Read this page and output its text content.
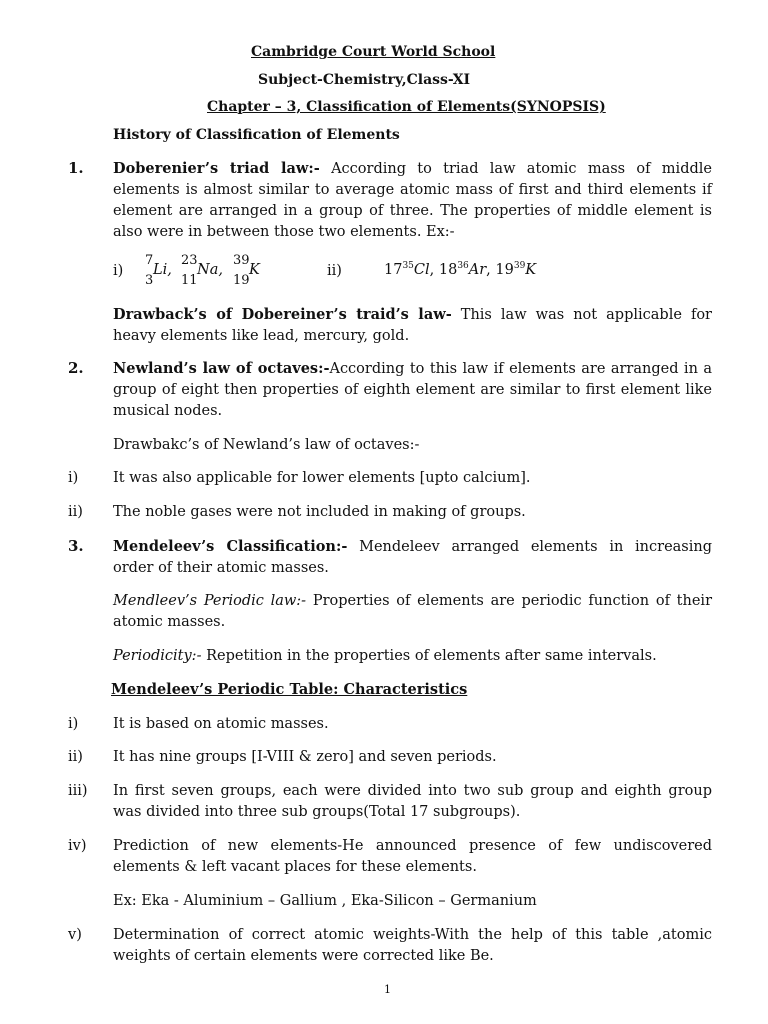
Cambridge Court World School
Subject-Chemistry,Class-XI
Chapter – 3, Classification of Elements(SYNOPSIS)
History of Classification of Elements
1. Doberenier’s triad law:- According to triad law atomic mass of middle elements is almost similar to average atomic mass of first and third elements if element are arranged in a group of three. The properties of middle element is also were in between those two elements. Ex:-
i)
7
3
Li,
23
11
Na,
39
19
K	ii)	$17^{35}Cl$, $18^{36}Ar$, $19^{39}K$
Drawback’s of Dobereiner’s traid’s law- This law was not applicable for heavy elements like lead, mercury, gold.
2. Newland’s law of octaves:-According to this law if elements are arranged in a group of eight then properties of eighth element are similar to first element like musical nodes.
Drawbakc’s of Newland’s law of octaves:-
i) It was also applicable for lower elements [upto calcium].
ii) The noble gases were not included in making of groups.
3. Mendeleev’s Classification:- Mendeleev arranged elements in increasing order of their atomic masses.
Mendleev’s Periodic law:- Properties of elements are periodic function of their atomic masses.
Periodicity:- Repetition in the properties of elements after same intervals.
Mendeleev’s Periodic Table: Characteristics
i) It is based on atomic masses.
ii) It has nine groups [I-VIII & zero] and seven periods.
iii) In first seven groups, each were divided into two sub group and eighth group was divided into three sub groups(Total 17 subgroups).
iv) Prediction of new elements-He announced presence of few undiscovered elements & left vacant places for these elements.
Ex: Eka - Aluminium – Gallium , Eka-Silicon – Germanium
v) Determination of correct atomic weights-With the help of this table ,atomic weights of certain elements were corrected like Be.
1
